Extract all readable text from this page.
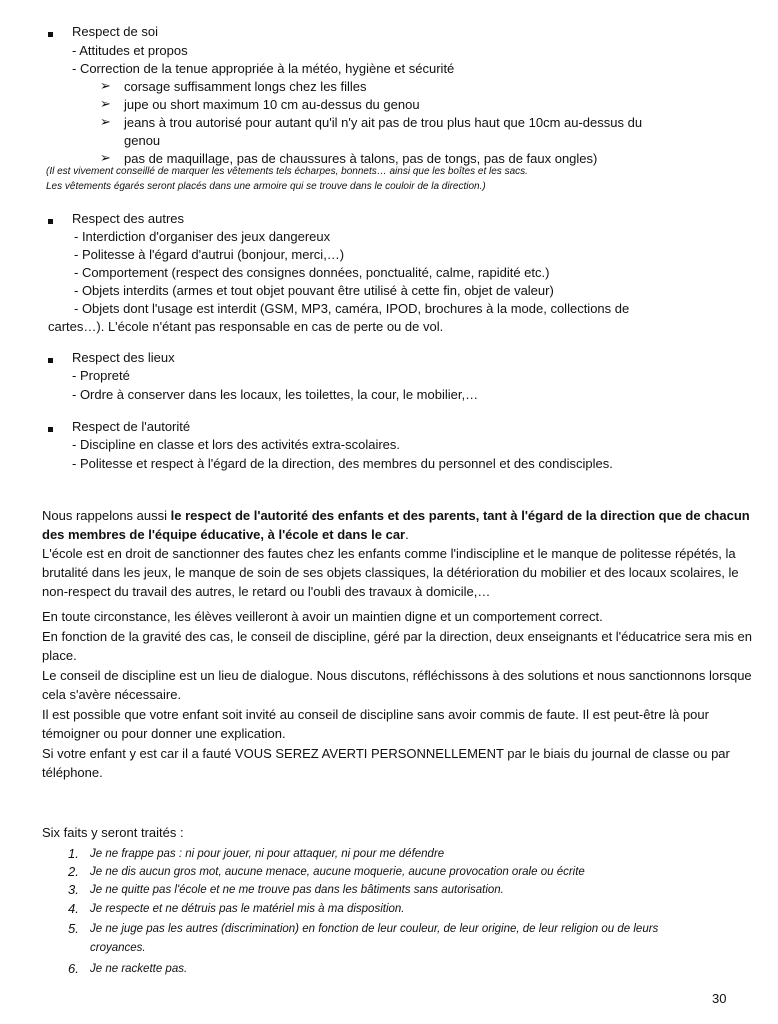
Respect de soi
- Attitudes et propos
- Correction de la tenue appropriée à la météo, hygiène et sécurité
➢ corsage suffisamment longs chez les filles
➢ jupe ou short maximum 10 cm au-dessus du genou
➢ jeans à trou autorisé pour autant qu'il n'y ait pas de trou plus haut que 10cm au-dessus du
genou
➢ pas de maquillage, pas de chaussures à talons, pas de tongs, pas de faux ongles)
(Il est vivement conseillé de marquer les vêtements tels écharpes, bonnets… ainsi que les boîtes et les sacs.
Les vêtements égarés seront placés dans une armoire qui se trouve dans le couloir de la direction.)
Respect des autres
- Interdiction d'organiser des jeux dangereux
- Politesse à l'égard d'autrui (bonjour, merci,…)
- Comportement (respect des consignes données, ponctualité, calme, rapidité etc.)
- Objets interdits (armes et tout objet pouvant être utilisé à cette fin, objet de valeur)
- Objets dont l'usage est interdit (GSM, MP3, caméra, IPOD, brochures à la mode, collections de
cartes…). L'école n'étant pas responsable en cas de perte ou de vol.
Respect des lieux
- Propreté
- Ordre à conserver dans les locaux, les toilettes, la cour, le mobilier,…
Respect de l'autorité
- Discipline en classe et lors des activités extra-scolaires.
- Politesse et respect à l'égard de la direction, des membres du personnel et des condisciples.
Nous rappelons aussi le respect de l'autorité des enfants et des parents, tant à l'égard de la direction que de chacun des membres de l'équipe éducative, à l'école et dans le car.
L'école est en droit de sanctionner des fautes chez les enfants comme l'indiscipline et le manque de politesse répétés, la brutalité dans les jeux, le manque de soin de ses objets classiques, la détérioration du mobilier et des locaux scolaires, le non-respect du travail des autres, le retard ou l'oubli des travaux à domicile,…
En toute circonstance, les élèves veilleront à avoir un maintien digne et un comportement correct.
En fonction de la gravité des cas, le conseil de discipline, géré par la direction, deux enseignants et l'éducatrice sera mis en place.
Le conseil de discipline est un lieu de dialogue. Nous discutons, réfléchissons à des solutions et nous sanctionnons lorsque cela s'avère nécessaire.
Il est possible que votre enfant soit invité au conseil de discipline sans avoir commis de faute. Il est peut-être là pour témoigner ou pour donner une explication.
Si votre enfant y est car il a fauté VOUS SEREZ AVERTI PERSONNELLEMENT par le biais du journal de classe ou par téléphone.
Six faits y seront traités :
1. Je ne frappe pas : ni pour jouer, ni pour attaquer, ni pour me défendre
2. Je ne dis aucun gros mot, aucune menace, aucune moquerie, aucune provocation orale ou écrite
3. Je ne quitte pas l'école et ne me trouve pas dans les bâtiments sans autorisation.
4. Je respecte et ne détruis pas le matériel mis à ma disposition.
5. Je ne juge pas les autres (discrimination) en fonction de leur couleur, de leur origine, de leur religion ou de leurs
croyances.
6. Je ne rackette pas.
30
